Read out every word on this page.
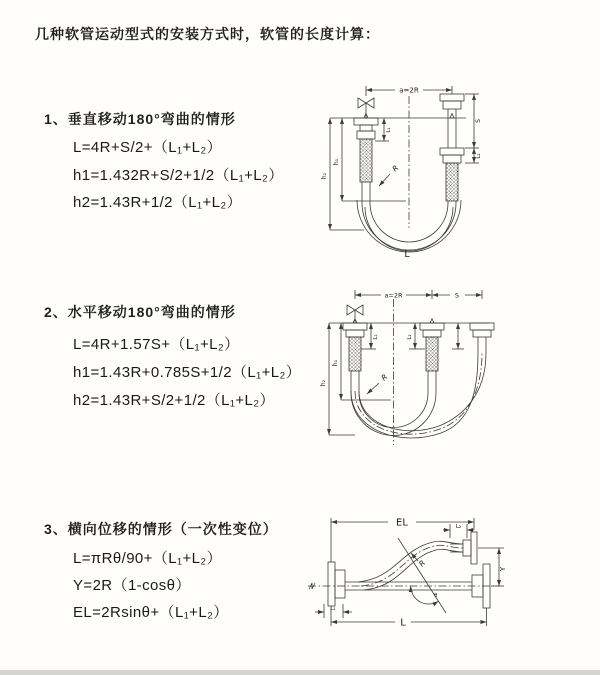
几种软管运动型式的安装方式时，软管的长度计算：
1、垂直移动180°弯曲的情形
L=4R+S/2+（L₁+L₂）
h1=1.432R+S/2+1/2（L₁+L₂）
h2=1.43R+1/2（L₁+L₂）
2、水平移动180°弯曲的情形
L=4R+1.57S+（L₁+L₂）
h1=1.43R+0.785S+1/2（L₁+L₂）
h2=1.43R+S/2+1/2（L₁+L₂）
3、横向位移的情形（一次性变位）
L=πRθ/90+（L₁+L₂）
Y=2R（1-cosθ）
EL=2Rsinθ+（L₁+L₂）
a=2R
h₁
h₂
L₁
S
L₂
R
L
a=2R	S
L₁	L₂
h₁
h₂
R
θ
EL	L₂
Y
R
L₁
L
